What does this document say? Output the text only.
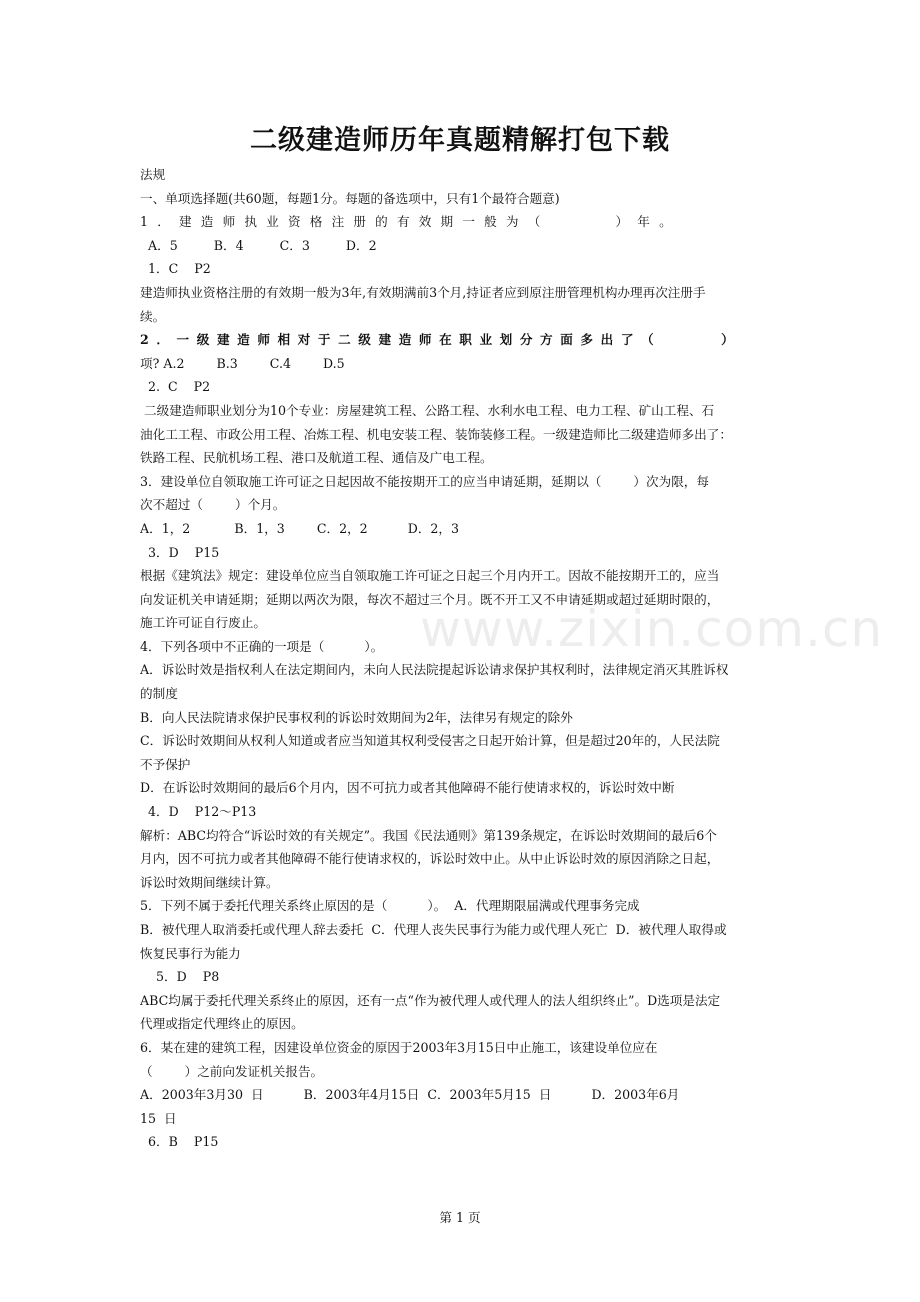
二级建造师历年真题精解打包下载
法规
一、单项选择题(共60题，每题1分。每题的备选项中，只有1个最符合题意)
1．建造师执业资格注册的有效期一般为（     ）年。
A．5         B．4         C．3         D．2
1．C    P2
建造师执业资格注册的有效期一般为3年,有效期满前3个月,持证者应到原注册管理机构办理再次注册手
续。
2．一级建造师相对于二级建造师在职业划分方面多出了（     ）
项? A.2        B.3        C.4        D.5
2.  C    P2
二级建造师职业划分为10个专业：房屋建筑工程、公路工程、水利水电工程、电力工程、矿山工程、石
油化工工程、市政公用工程、冶炼工程、机电安装工程、装饰装修工程。一级建造师比二级建造师多出了：
铁路工程、民航机场工程、港口及航道工程、通信及广电工程。
3．建设单位自领取施工许可证之日起因故不能按期开工的应当申请延期，延期以（        ）次为限，每
次不超过（        ）个月。
A．1，2           B．1，3        C．2，2          D．2，3
3．D    P15
根据《建筑法》规定：建设单位应当自领取施工许可证之日起三个月内开工。因故不能按期开工的，应当
向发证机关申请延期；延期以两次为限，每次不超过三个月。既不开工又不申请延期或超过延期时限的，
施工许可证自行废止。
4．下列各项中不正确的一项是（          ）。
A．诉讼时效是指权利人在法定期间内，未向人民法院提起诉讼请求保护其权利时，法律规定消灭其胜诉权
的制度
B．向人民法院请求保护民事权利的诉讼时效期间为2年，法律另有规定的除外
C．诉讼时效期间从权利人知道或者应当知道其权利受侵害之日起开始计算，但是超过20年的，人民法院
不予保护
D．在诉讼时效期间的最后6个月内，因不可抗力或者其他障碍不能行使请求权的，诉讼时效中断
4．D    P12～P13
解析：ABC均符合“诉讼时效的有关规定”。我国《民法通则》第139条规定，在诉讼时效期间的最后6个
月内，因不可抗力或者其他障碍不能行使请求权的，诉讼时效中止。从中止诉讼时效的原因消除之日起，
诉讼时效期间继续计算。
5．下列不属于委托代理关系终止原因的是（          ）。  A．代理期限届满或代理事务完成
B．被代理人取消委托或代理人辞去委托  C．代理人丧失民事行为能力或代理人死亡  D．被代理人取得或
恢复民事行为能力
5．D    P8
ABC均属于委托代理关系终止的原因，还有一点“作为被代理人或代理人的法人组织终止”。D选项是法定
代理或指定代理终止的原因。
6．某在建的建筑工程，因建设单位资金的原因于2003年3月15日中止施工，该建设单位应在
（        ）之前向发证机关报告。
A．2003年3月30  日          B．2003年4月15日  C．2003年5月15  日          D．2003年6月
15  日
6．B    P15
www.zixin.com.cn
第 1 页
